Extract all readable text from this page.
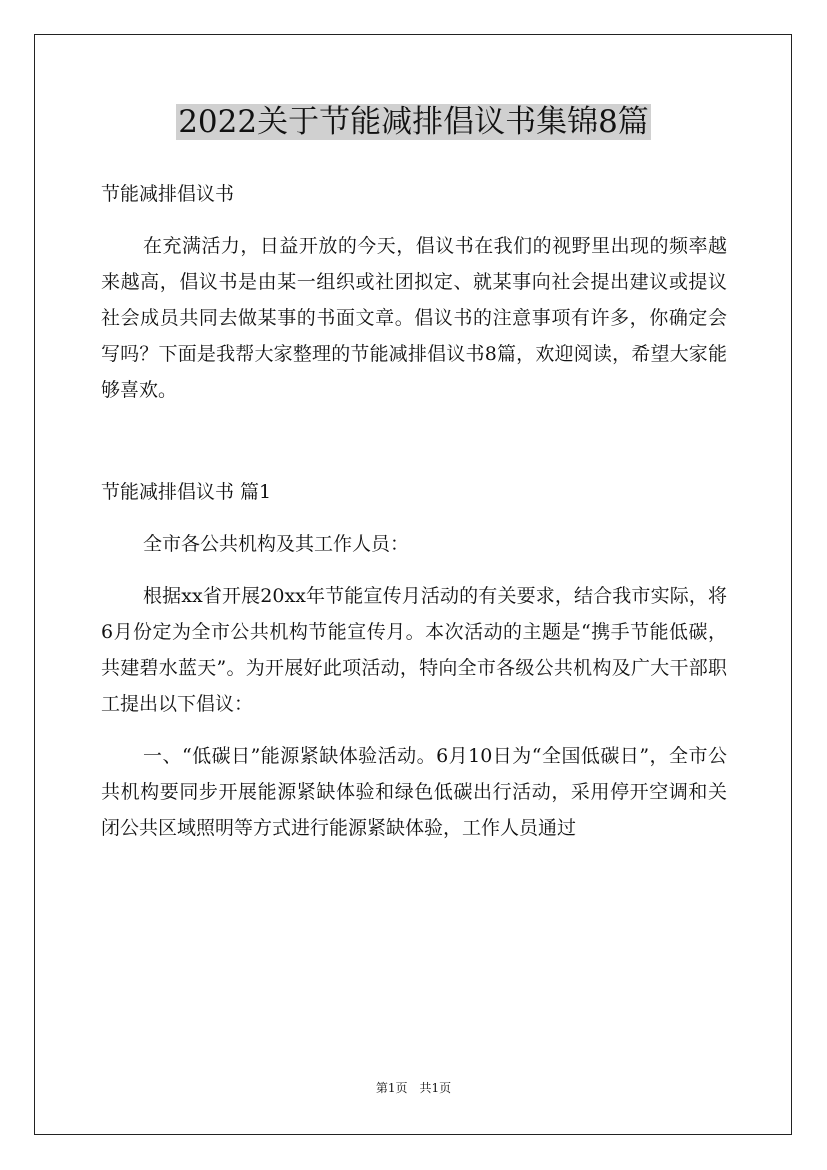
2022关于节能减排倡议书集锦8篇

节能减排倡议书

在充满活力，日益开放的今天，倡议书在我们的视野里出现的频率越来越高，倡议书是由某一组织或社团拟定、就某事向社会提出建议或提议社会成员共同去做某事的书面文章。倡议书的注意事项有许多，你确定会写吗？下面是我帮大家整理的节能减排倡议书8篇，欢迎阅读，希望大家能够喜欢。

节能减排倡议书 篇1

全市各公共机构及其工作人员：

根据xx省开展20xx年节能宣传月活动的有关要求，结合我市实际，将6月份定为全市公共机构节能宣传月。本次活动的主题是“携手节能低碳，共建碧水蓝天”。为开展好此项活动，特向全市各级公共机构及广大干部职工提出以下倡议：

一、“低碳日”能源紧缺体验活动。6月10日为“全国低碳日”，全市公共机构要同步开展能源紧缺体验和绿色低碳出行活动，采用停开空调和关闭公共区域照明等方式进行能源紧缺体验，工作人员通过

第1页 共1页
